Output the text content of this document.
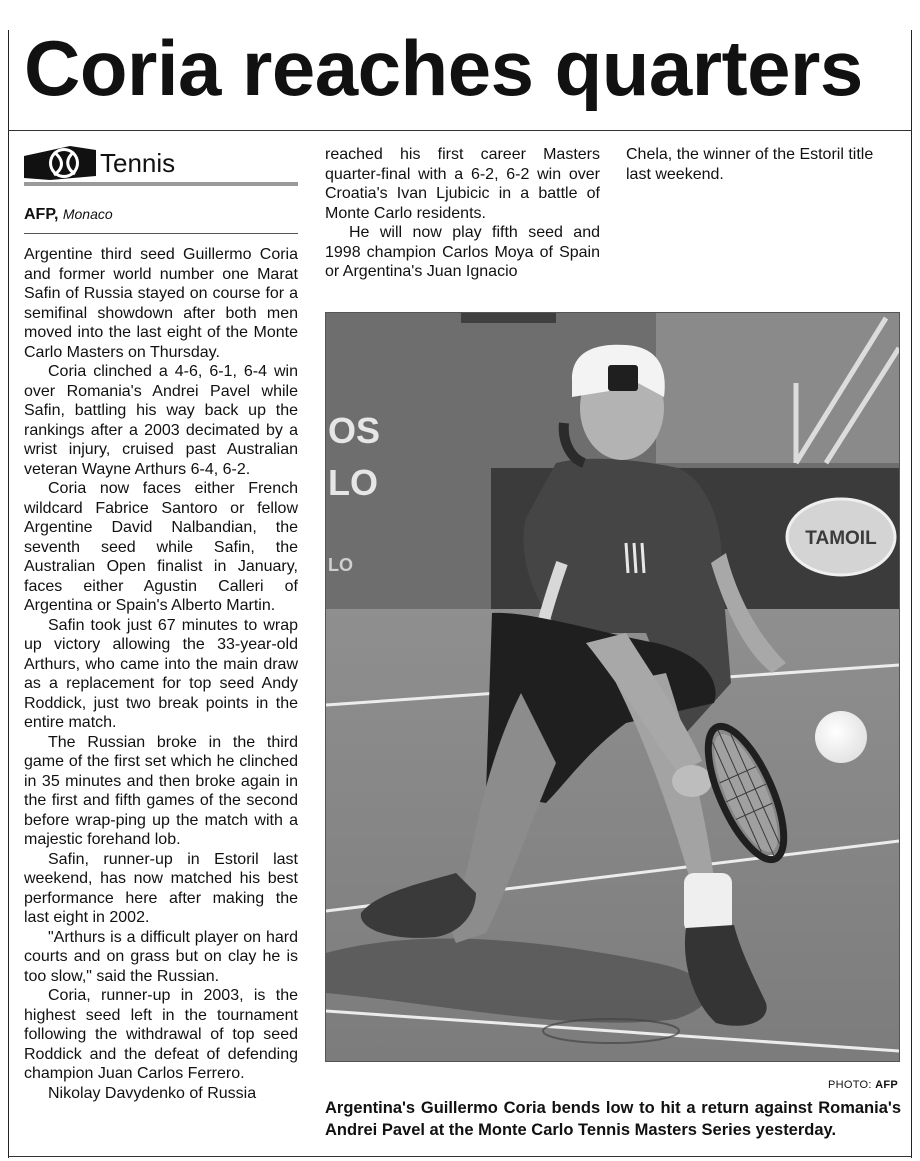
Coria reaches quarters
Tennis
AFP, Monaco

Argentine third seed Guillermo Coria and former world number one Marat Safin of Russia stayed on course for a semifinal showdown after both men moved into the last eight of the Monte Carlo Masters on Thursday.

Coria clinched a 4-6, 6-1, 6-4 win over Romania's Andrei Pavel while Safin, battling his way back up the rankings after a 2003 decimated by a wrist injury, cruised past Australian veteran Wayne Arthurs 6-4, 6-2.

Coria now faces either French wildcard Fabrice Santoro or fellow Argentine David Nalbandian, the seventh seed while Safin, the Australian Open finalist in January, faces either Agustin Calleri of Argentina or Spain's Alberto Martin.

Safin took just 67 minutes to wrap up victory allowing the 33-year-old Arthurs, who came into the main draw as a replacement for top seed Andy Roddick, just two break points in the entire match.

The Russian broke in the third game of the first set which he clinched in 35 minutes and then broke again in the first and fifth games of the second before wrap-ping up the match with a majestic forehand lob.

Safin, runner-up in Estoril last weekend, has now matched his best performance here after making the last eight in 2002.

"Arthurs is a difficult player on hard courts and on grass but on clay he is too slow," said the Russian.

Coria, runner-up in 2003, is the highest seed left in the tournament following the withdrawal of top seed Roddick and the defeat of defending champion Juan Carlos Ferrero.

Nikolay Davydenko of Russia

reached his first career Masters quarter-final with a 6-2, 6-2 win over Croatia's Ivan Ljubicic in a battle of Monte Carlo residents.

He will now play fifth seed and 1998 champion Carlos Moya of Spain or Argentina's Juan Ignacio

Chela, the winner of the Estoril title last weekend.

TAMOIL
OS
LO
LO
PHOTO: AFP
Argentina's Guillermo Coria bends low to hit a return against Romania's Andrei Pavel at the Monte Carlo Tennis Masters Series yesterday.
